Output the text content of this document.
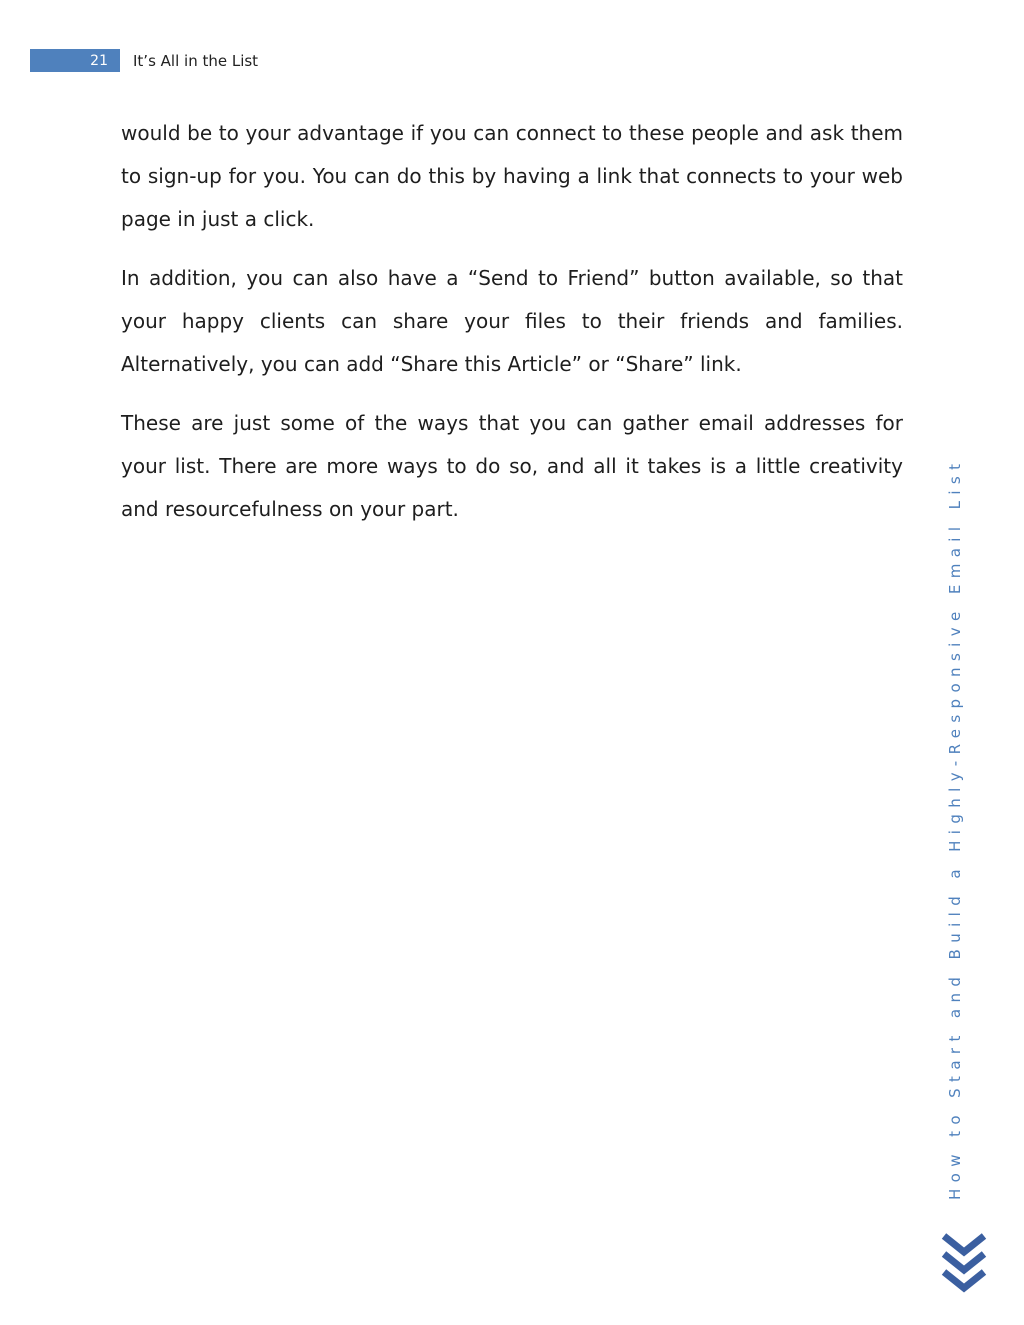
21	It’s All in the List

would be to your advantage if you can connect to these people and ask them to sign-up for you. You can do this by having a link that connects to your web page in just a click.

In addition, you can also have a “Send to Friend” button available, so that your happy clients can share your files to their friends and families. Alternatively, you can add “Share this Article” or “Share” link.

These are just some of the ways that you can gather email addresses for your list. There are more ways to do so, and all it takes is a little creativity and resourcefulness on your part.	How to Start and Build a Highly-Responsive Email List
